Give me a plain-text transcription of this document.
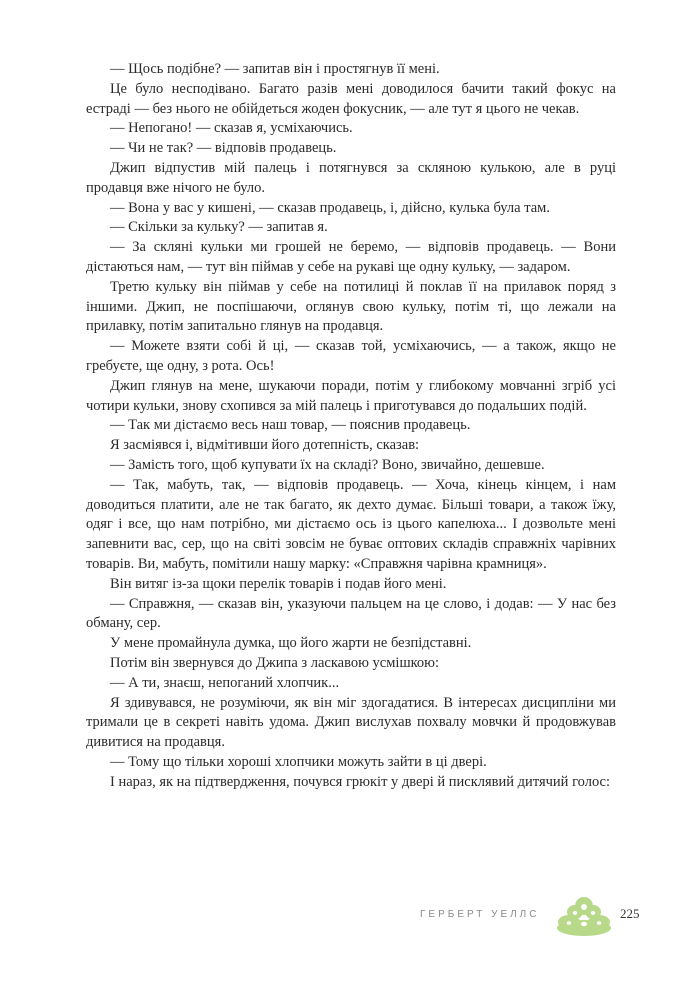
— Щось подібне? — запитав він і простягнув її мені.

Це було несподівано. Багато разів мені доводилося бачити такий фокус на естраді — без нього не обійдеться жоден фокусник, — але тут я цього не чекав.

— Непогано! — сказав я, усміхаючись.

— Чи не так? — відповів продавець.

Джип відпустив мій палець і потягнувся за скляною кулькою, але в руці продавця вже нічого не було.

— Вона у вас у кишені, — сказав продавець, і, дійсно, кулька була там.

— Скільки за кульку? — запитав я.

— За скляні кульки ми грошей не беремо, — відповів продавець. — Вони дістаються нам, — тут він піймав у себе на рукаві ще одну кульку, — задаром.

Третю кульку він піймав у себе на потилиці й поклав її на прилавок поряд з іншими. Джип, не поспішаючи, оглянув свою кульку, потім ті, що лежали на прилавку, потім запитально глянув на продавця.

— Можете взяти собі й ці, — сказав той, усміхаючись, — а також, якщо не гребуєте, ще одну, з рота. Ось!

Джип глянув на мене, шукаючи поради, потім у глибокому мовчанні згріб усі чотири кульки, знову схопився за мій палець і приготувався до подальших подій.

— Так ми дістаємо весь наш товар, — пояснив продавець.

Я засміявся і, відмітивши його дотепність, сказав:

— Замість того, щоб купувати їх на складі? Воно, звичайно, дешевше.

— Так, мабуть, так, — відповів продавець. — Хоча, кінець кінцем, і нам доводиться платити, але не так багато, як дехто думає. Більші товари, а також їжу, одяг і все, що нам потрібно, ми дістаємо ось із цього капелюха... І дозвольте мені запевнити вас, сер, що на світі зовсім не буває оптових складів справжніх чарівних товарів. Ви, мабуть, помітили нашу марку: «Справжня чарівна крамниця».

Він витяг із-за щоки перелік товарів і подав його мені.

— Справжня, — сказав він, указуючи пальцем на це слово, і додав: — У нас без обману, сер.

У мене промайнула думка, що його жарти не безпідставні.

Потім він звернувся до Джипа з ласкавою усмішкою:

— А ти, знаєш, непоганий хлопчик...

Я здивувався, не розуміючи, як він міг здогадатися. В інтересах дисципліни ми тримали це в секреті навіть удома. Джип вислухав похвалу мовчки й продовжував дивитися на продавця.

— Тому що тільки хороші хлопчики можуть зайти в ці двері.

І нараз, як на підтвердження, почувся грюкіт у двері й писклявий дитячий голос:

ГЕРБЕРТ УЕЛЛС	225
